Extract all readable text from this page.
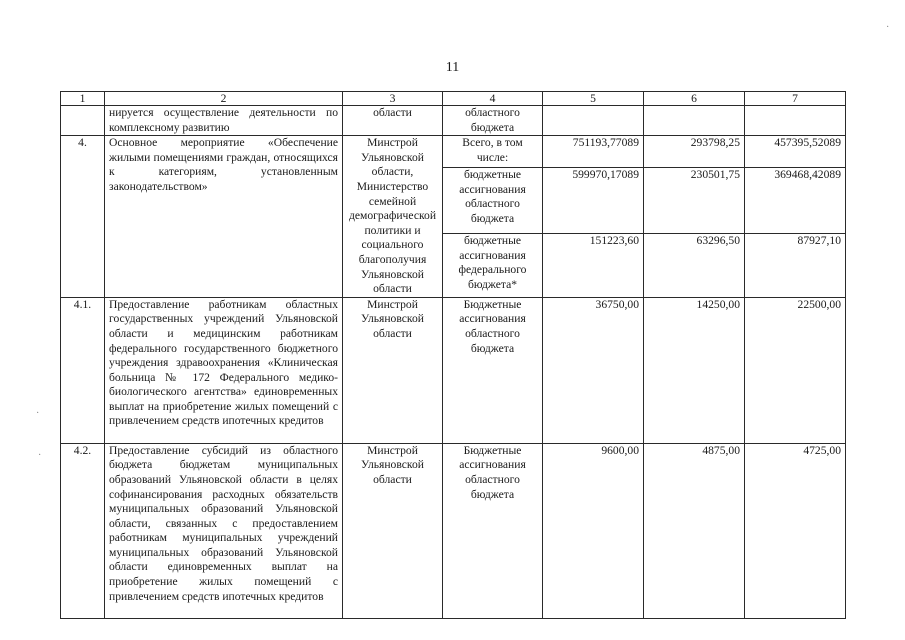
11
1	2	3	4	5	6	7
	нируется осуществление деятельности по комплексному развитию	области	областного бюджета			
4.	Основное мероприятие «Обеспечение жилыми помещениями граждан, относящихся к категориям, установленным законодательством»	Минстрой Ульяновской области, Министерство семейной демографической политики и социального благополучия Ульяновской области	Всего, в том числе:	751193,77089	293798,25	457395,52089
			бюджетные ассигнования областного бюджета	599970,17089	230501,75	369468,42089
			бюджетные ассигнования федерального бюджета*	151223,60	63296,50	87927,10
4.1.	Предоставление работникам областных государственных учреждений Ульяновской области и медицинским работникам федерального государственного бюджетного учреждения здравоохранения «Клиническая больница № 172 Федерального медико-биологического агентства» единовременных выплат на приобретение жилых помещений с привлечением средств ипотечных кредитов	Минстрой Ульяновской области	Бюджетные ассигнования областного бюджета	36750,00	14250,00	22500,00
4.2.	Предоставление субсидий из областного бюджета бюджетам муниципальных образований Ульяновской области в целях софинансирования расходных обязательств муниципальных образований Ульяновской области, связанных с предоставлением работникам муниципальных учреждений муниципальных образований Ульяновской области единовременных выплат на приобретение жилых помещений с привлечением средств ипотечных кредитов	Минстрой Ульяновской области	Бюджетные ассигнования областного бюджета	9600,00	4875,00	4725,00
·
·
·
